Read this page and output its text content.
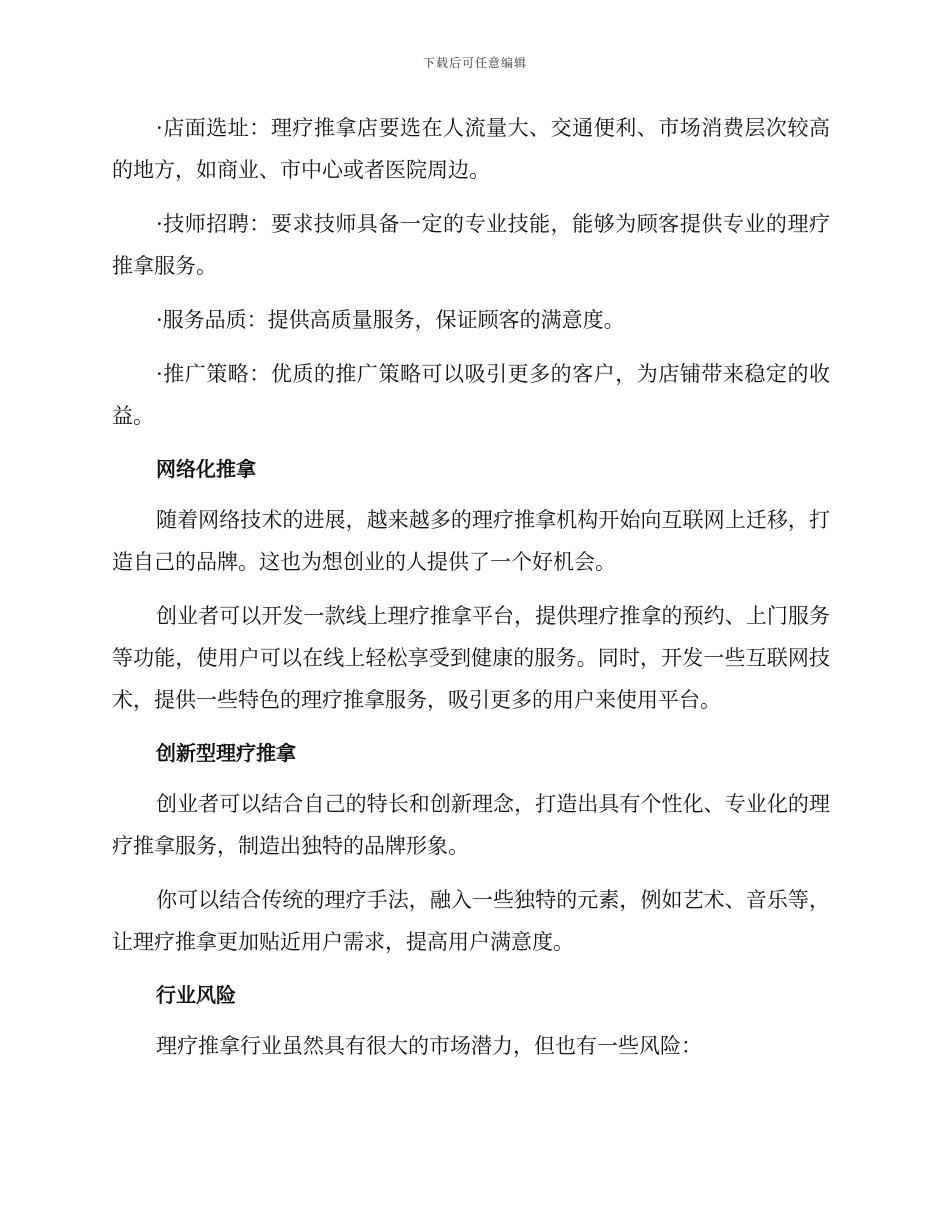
下载后可任意编辑

·店面选址：理疗推拿店要选在人流量大、交通便利、市场消费层次较高的地方，如商业、市中心或者医院周边。

·技师招聘：要求技师具备一定的专业技能，能够为顾客提供专业的理疗推拿服务。

·服务品质：提供高质量服务，保证顾客的满意度。

·推广策略：优质的推广策略可以吸引更多的客户，为店铺带来稳定的收益。

网络化推拿

随着网络技术的进展，越来越多的理疗推拿机构开始向互联网上迁移，打造自己的品牌。这也为想创业的人提供了一个好机会。

创业者可以开发一款线上理疗推拿平台，提供理疗推拿的预约、上门服务等功能，使用户可以在线上轻松享受到健康的服务。同时，开发一些互联网技术，提供一些特色的理疗推拿服务，吸引更多的用户来使用平台。

创新型理疗推拿

创业者可以结合自己的特长和创新理念，打造出具有个性化、专业化的理疗推拿服务，制造出独特的品牌形象。

你可以结合传统的理疗手法，融入一些独特的元素，例如艺术、音乐等，让理疗推拿更加贴近用户需求，提高用户满意度。

行业风险

理疗推拿行业虽然具有很大的市场潜力，但也有一些风险：
